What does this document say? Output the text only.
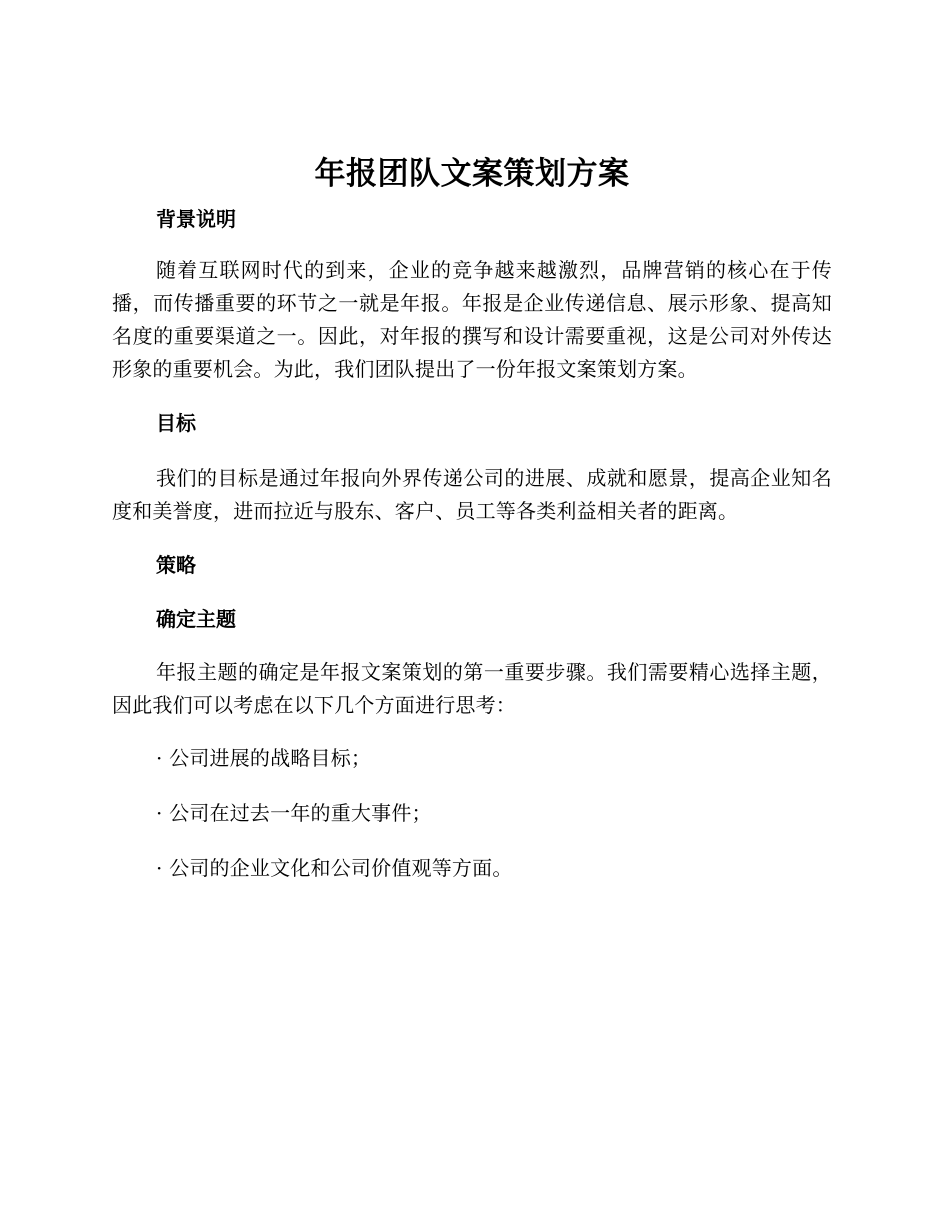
年报团队文案策划方案
背景说明

随着互联网时代的到来，企业的竞争越来越激烈，品牌营销的核心在于传播，而传播重要的环节之一就是年报。年报是企业传递信息、展示形象、提高知名度的重要渠道之一。因此，对年报的撰写和设计需要重视，这是公司对外传达形象的重要机会。为此，我们团队提出了一份年报文案策划方案。

目标

我们的目标是通过年报向外界传递公司的进展、成就和愿景，提高企业知名度和美誉度，进而拉近与股东、客户、员工等各类利益相关者的距离。

策略
确定主题

年报主题的确定是年报文案策划的第一重要步骤。我们需要精心选择主题，因此我们可以考虑在以下几个方面进行思考：

· 公司进展的战略目标；

· 公司在过去一年的重大事件；

· 公司的企业文化和公司价值观等方面。
